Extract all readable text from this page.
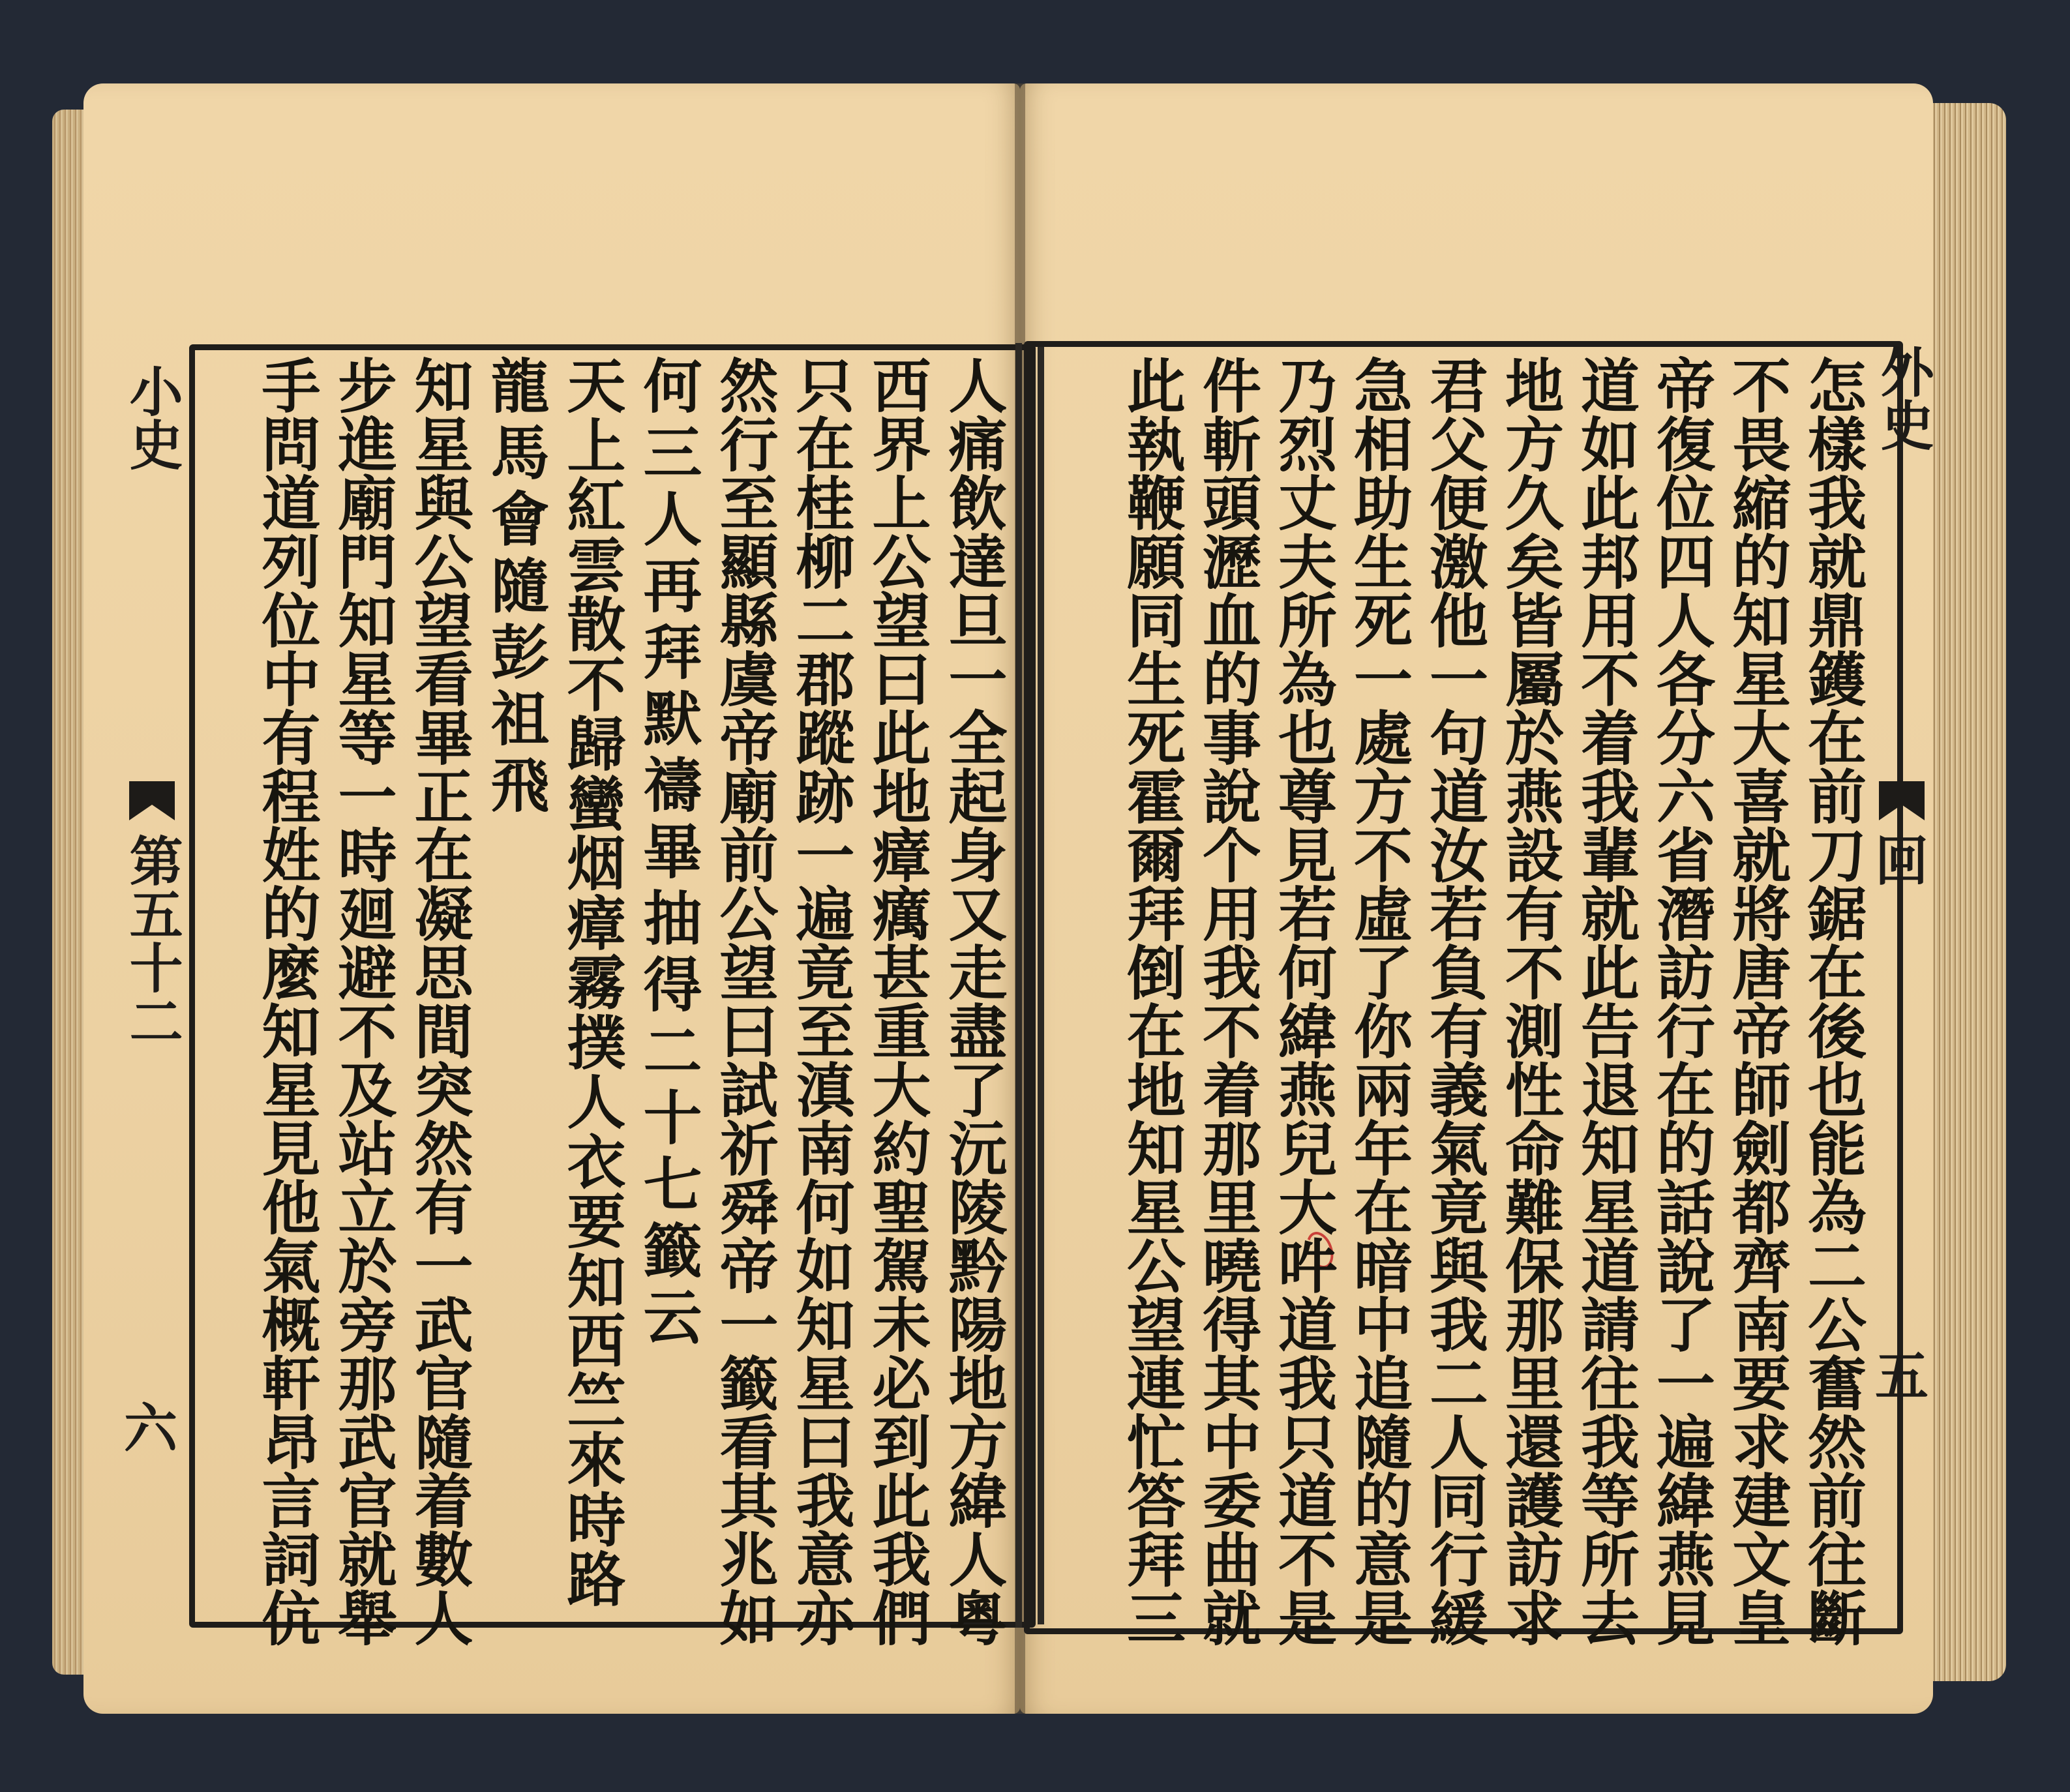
小史
第五十二
六
外史
回
五
怎
樣
我
就
鼎
鑊
在
前
刀
鋸
在
後
也
能
為
二
公
奮
然
前
往
斷
不
畏
縮
的
知
星
大
喜
就
將
唐
帝
師
劍
都
齊
南
要
求
建
文
皇
帝
復
位
四
人
各
分
六
省
潛
訪
行
在
的
話
說
了
一
遍
緯
燕
見
道
如
此
邦
用
不
着
我
輩
就
此
告
退
知
星
道
請
往
我
等
所
去
地
方
久
矣
皆
屬
於
燕
設
有
不
測
性
命
難
保
那
里
還
護
訪
求
君
父
便
激
他
一
句
道
汝
若
負
有
義
氣
竟
與
我
二
人
同
行
緩
急
相
助
生
死
一
處
方
不
虛
了
你
兩
年
在
暗
中
追
隨
的
意
是
乃
烈
丈
夫
所
為
也
尊
見
若
何
緯
燕
兒
大
吽
道
我
只
道
不
是
件
斬
頭
瀝
血
的
事
說
个
用
我
不
着
那
里
曉
得
其
中
委
曲
就
此
執
鞭
願
同
生
死
霍
爾
拜
倒
在
地
知
星
公
望
連
忙
答
拜
三
人
痛
飲
達
旦
一
全
起
身
又
走
盡
了
沅
陵
黔
陽
地
方
緯
人
粵
西
界
上
公
望
曰
此
地
瘴
癘
甚
重
大
約
聖
駕
未
必
到
此
我
們
只
在
桂
柳
二
郡
蹤
跡
一
遍
竟
至
滇
南
何
如
知
星
曰
我
意
亦
然
行
至
顯
縣
虞
帝
廟
前
公
望
曰
試
祈
舜
帝
一
籤
看
其
兆
如
何
三
人
再
拜
默
禱
畢
抽
得
二
十
七
籤
云
天
上
紅
雲
散
不
歸
蠻
烟
瘴
霧
撲
人
衣
要
知
西
竺
來
時
路
龍
馬
會
隨
彭
祖
飛
知
星
與
公
望
看
畢
正
在
凝
思
間
突
然
有
一
武
官
隨
着
數
人
步
進
廟
門
知
星
等
一
時
廻
避
不
及
站
立
於
旁
那
武
官
就
舉
手
問
道
列
位
中
有
程
姓
的
麼
知
星
見
他
氣
概
軒
昂
言
詞
伉
